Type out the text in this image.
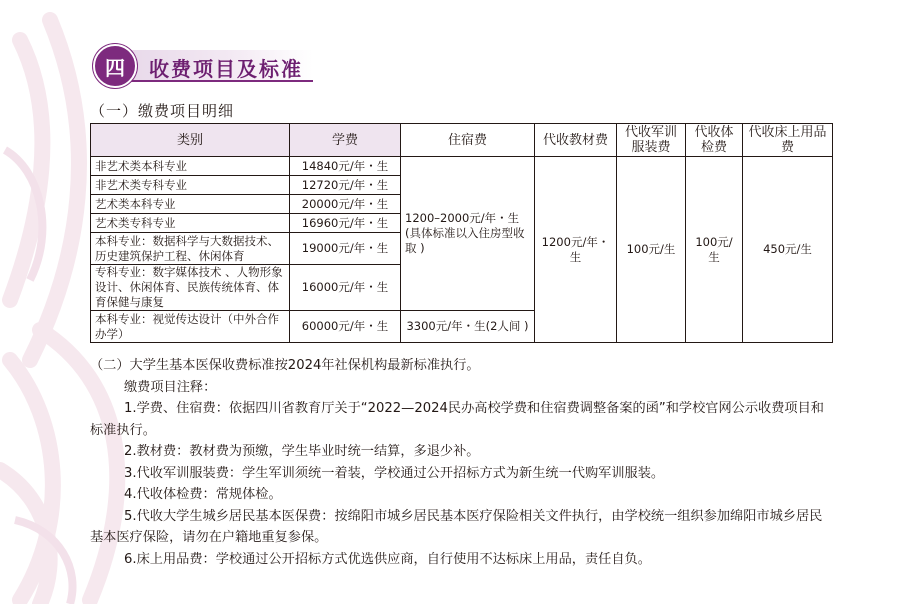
四	收费项目及标准
（一）缴费项目明细
类别	学费	住宿费	代收教材费	代收军训服装费	代收体检费	代收床上用品费
非艺术类本科专业	14840元/年・生	1200–2000元/年・生(具体标准以入住房型收取 )	1200元/年・生	100元/生	100元/生	450元/生
非艺术类专科专业	12720元/年・生					
艺术类本科专业	20000元/年・生					
艺术类专科专业	16960元/年・生					
本科专业：数据科学与大数据技术、历史建筑保护工程、休闲体育	19000元/年・生					
专科专业：数字媒体技术 、人物形象设计、休闲体育、民族传统体育、体育保健与康复	16000元/年・生					
本科专业：视觉传达设计（中外合作办学）	60000元/年・生	3300元/年・生(2人间 )				

（二）大学生基本医保收费标准按2024年社保机构最新标准执行。

缴费项目注释：

1.学费、住宿费：依据四川省教育厅关于“2022—2024民办高校学费和住宿费调整备案的函”和学校官网公示收费项目和标准执行。

2.教材费：教材费为预缴，学生毕业时统一结算，多退少补。

3.代收军训服装费：学生军训须统一着装，学校通过公开招标方式为新生统一代购军训服装。

4.代收体检费：常规体检。

5.代收大学生城乡居民基本医保费：按绵阳市城乡居民基本医疗保险相关文件执行，由学校统一组织参加绵阳市城乡居民基本医疗保险，请勿在户籍地重复参保。

6.床上用品费：学校通过公开招标方式优选供应商，自行使用不达标床上用品，责任自负。
